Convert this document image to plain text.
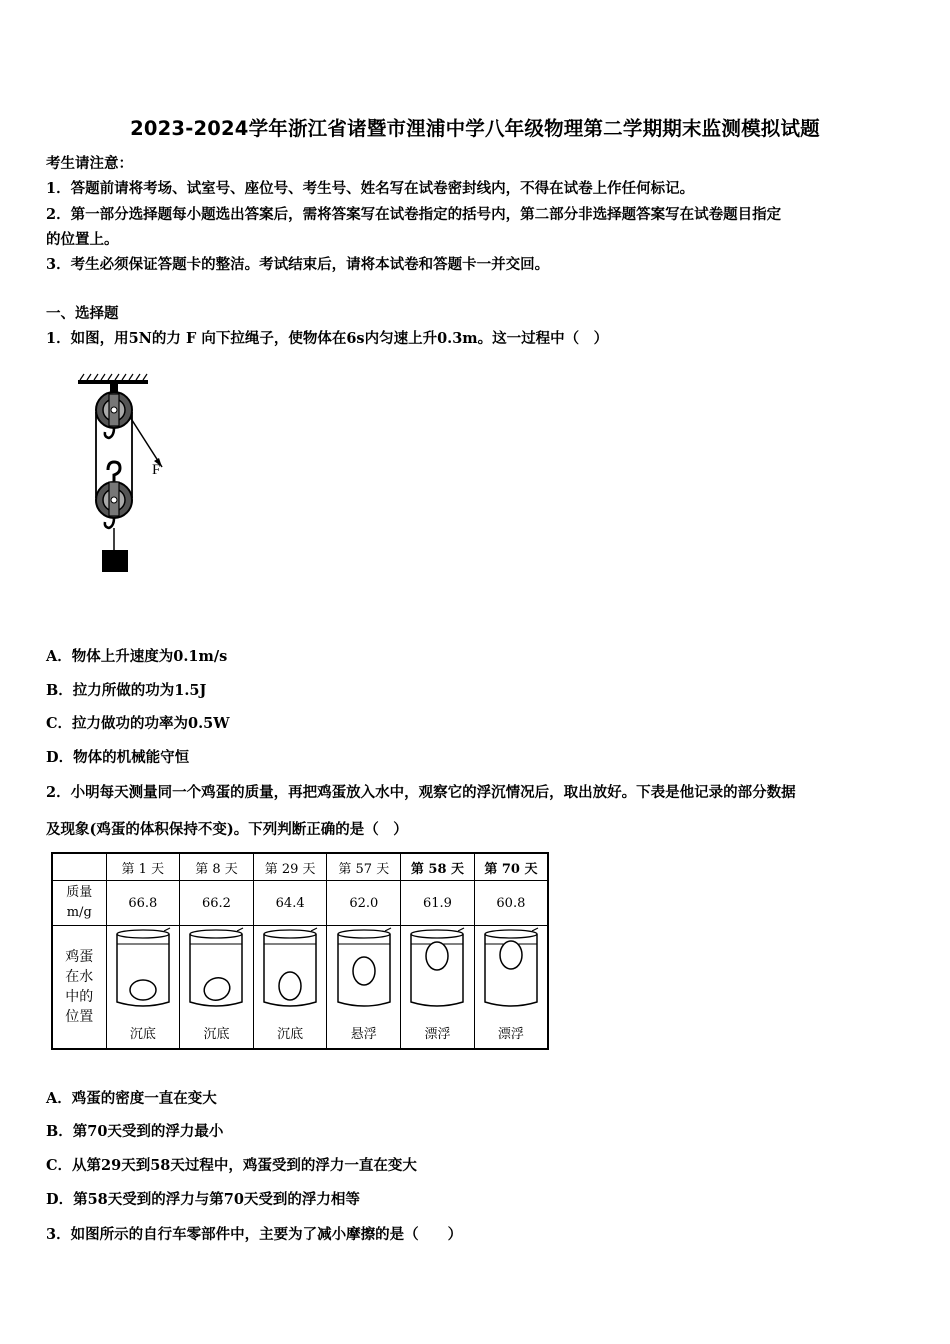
2023-2024学年浙江省诸暨市浬浦中学八年级物理第二学期期末监测模拟试题
考生请注意：
1．答题前请将考场、试室号、座位号、考生号、姓名写在试卷密封线内，不得在试卷上作任何标记。
2．第一部分选择题每小题选出答案后，需将答案写在试卷指定的括号内，第二部分非选择题答案写在试卷题目指定
的位置上。
3．考生必须保证答题卡的整洁。考试结束后，请将本试卷和答题卡一并交回。
一、选择题
1．如图，用5N的力 F 向下拉绳子，使物体在6s内匀速上升0.3m。这一过程中（　）
F
A．物体上升速度为0.1m/s
B．拉力所做的功为1.5J
C．拉力做功的功率为0.5W
D．物体的机械能守恒
2．小明每天测量同一个鸡蛋的质量，再把鸡蛋放入水中，观察它的浮沉情况后，取出放好。下表是他记录的部分数据
及现象(鸡蛋的体积保持不变)。下列判断正确的是（　）
	第 1 天	第 8 天	第 29 天	第 57 天	第 58 天	第 70 天

质量
m/g	66.8	66.2	64.4	62.0	61.9	60.8

鸡蛋
在水
中的
位置	沉底	沉底	沉底	悬浮	漂浮	漂浮
A．鸡蛋的密度一直在变大
B．第70天受到的浮力最小
C．从第29天到58天过程中，鸡蛋受到的浮力一直在变大
D．第58天受到的浮力与第70天受到的浮力相等
3．如图所示的自行车零部件中，主要为了减小摩擦的是（　　）
